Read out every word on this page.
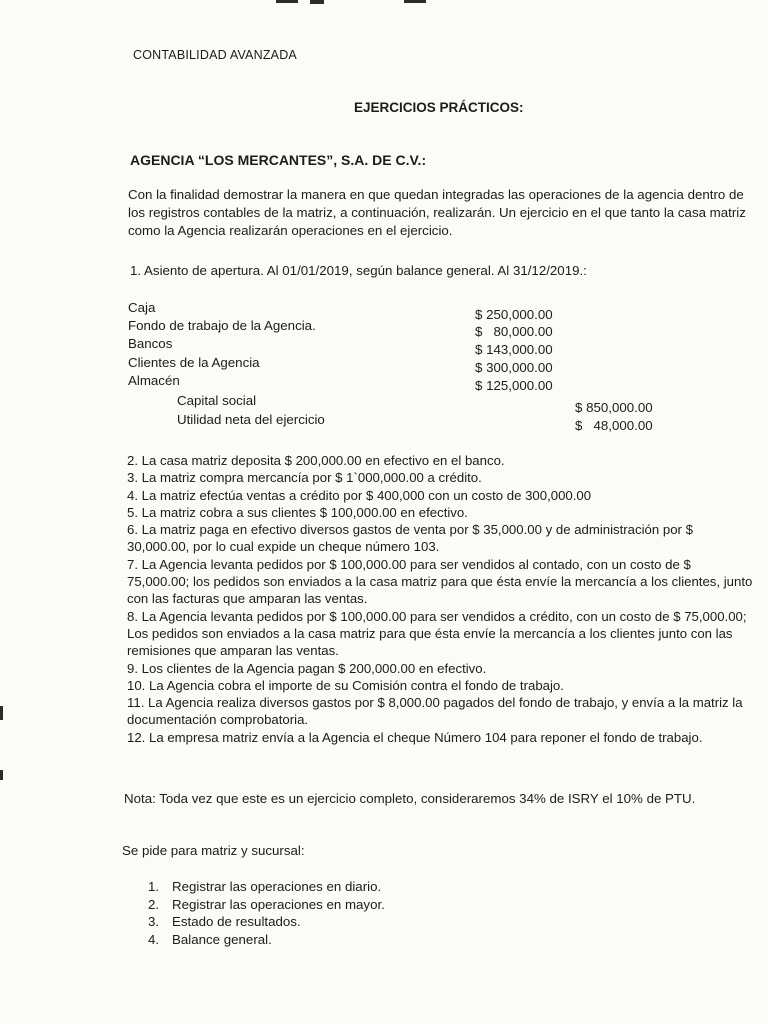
CONTABILIDAD AVANZADA
EJERCICIOS PRÁCTICOS:
AGENCIA “LOS MERCANTES”, S.A. DE C.V.:
Con la finalidad demostrar la manera en que quedan integradas las operaciones de la agencia dentro de los registros contables de la matriz, a continuación, realizarán. Un ejercicio en el que tanto la casa matriz como la Agencia realizarán operaciones en el ejercicio.
1. Asiento de apertura. Al 01/01/2019, según balance general. Al 31/12/2019.:
Caja	$ 250,000.00
Fondo de trabajo de la Agencia.	$   80,000.00
Bancos	$ 143,000.00
Clientes de la Agencia	$ 300,000.00
Almacén	$ 125,000.00
Capital social	$ 850,000.00
Utilidad neta del ejercicio	$   48,000.00

2. La casa matriz deposita $ 200,000.00 en efectivo en el banco.

3. La matriz compra mercancía por $ 1`000,000.00 a crédito.

4. La matriz efectúa ventas a crédito por $ 400,000 con un costo de 300,000.00

5. La matriz cobra a sus clientes $ 100,000.00 en efectivo.

6. La matriz paga en efectivo diversos gastos de venta por $ 35,000.00 y de administración por $ 30,000.00, por lo cual expide un cheque número 103.

7. La Agencia levanta pedidos por $ 100,000.00 para ser vendidos al contado, con un costo de $ 75,000.00; los pedidos son enviados a la casa matriz para que ésta envíe la mercancía a los clientes, junto con las facturas que amparan las ventas.

8. La Agencia levanta pedidos por $ 100,000.00 para ser vendidos a crédito, con un costo de $ 75,000.00; Los pedidos son enviados a la casa matriz para que ésta envíe la mercancía a los clientes junto con las remisiones que amparan las ventas.

9. Los clientes de la Agencia pagan $ 200,000.00 en efectivo.

10. La Agencia cobra el importe de su Comisión contra el fondo de trabajo.

11. La Agencia realiza diversos gastos por $ 8,000.00 pagados del fondo de trabajo, y envía a la matriz la documentación comprobatoria.

12. La empresa matriz envía a la Agencia el cheque Número 104 para reponer el fondo de trabajo.

Nota: Toda vez que este es un ejercicio completo, consideraremos 34% de ISRY el 10% de PTU.
Se pide para matriz y sucursal:
1. Registrar las operaciones en diario.
2. Registrar las operaciones en mayor.
3. Estado de resultados.
4. Balance general.
